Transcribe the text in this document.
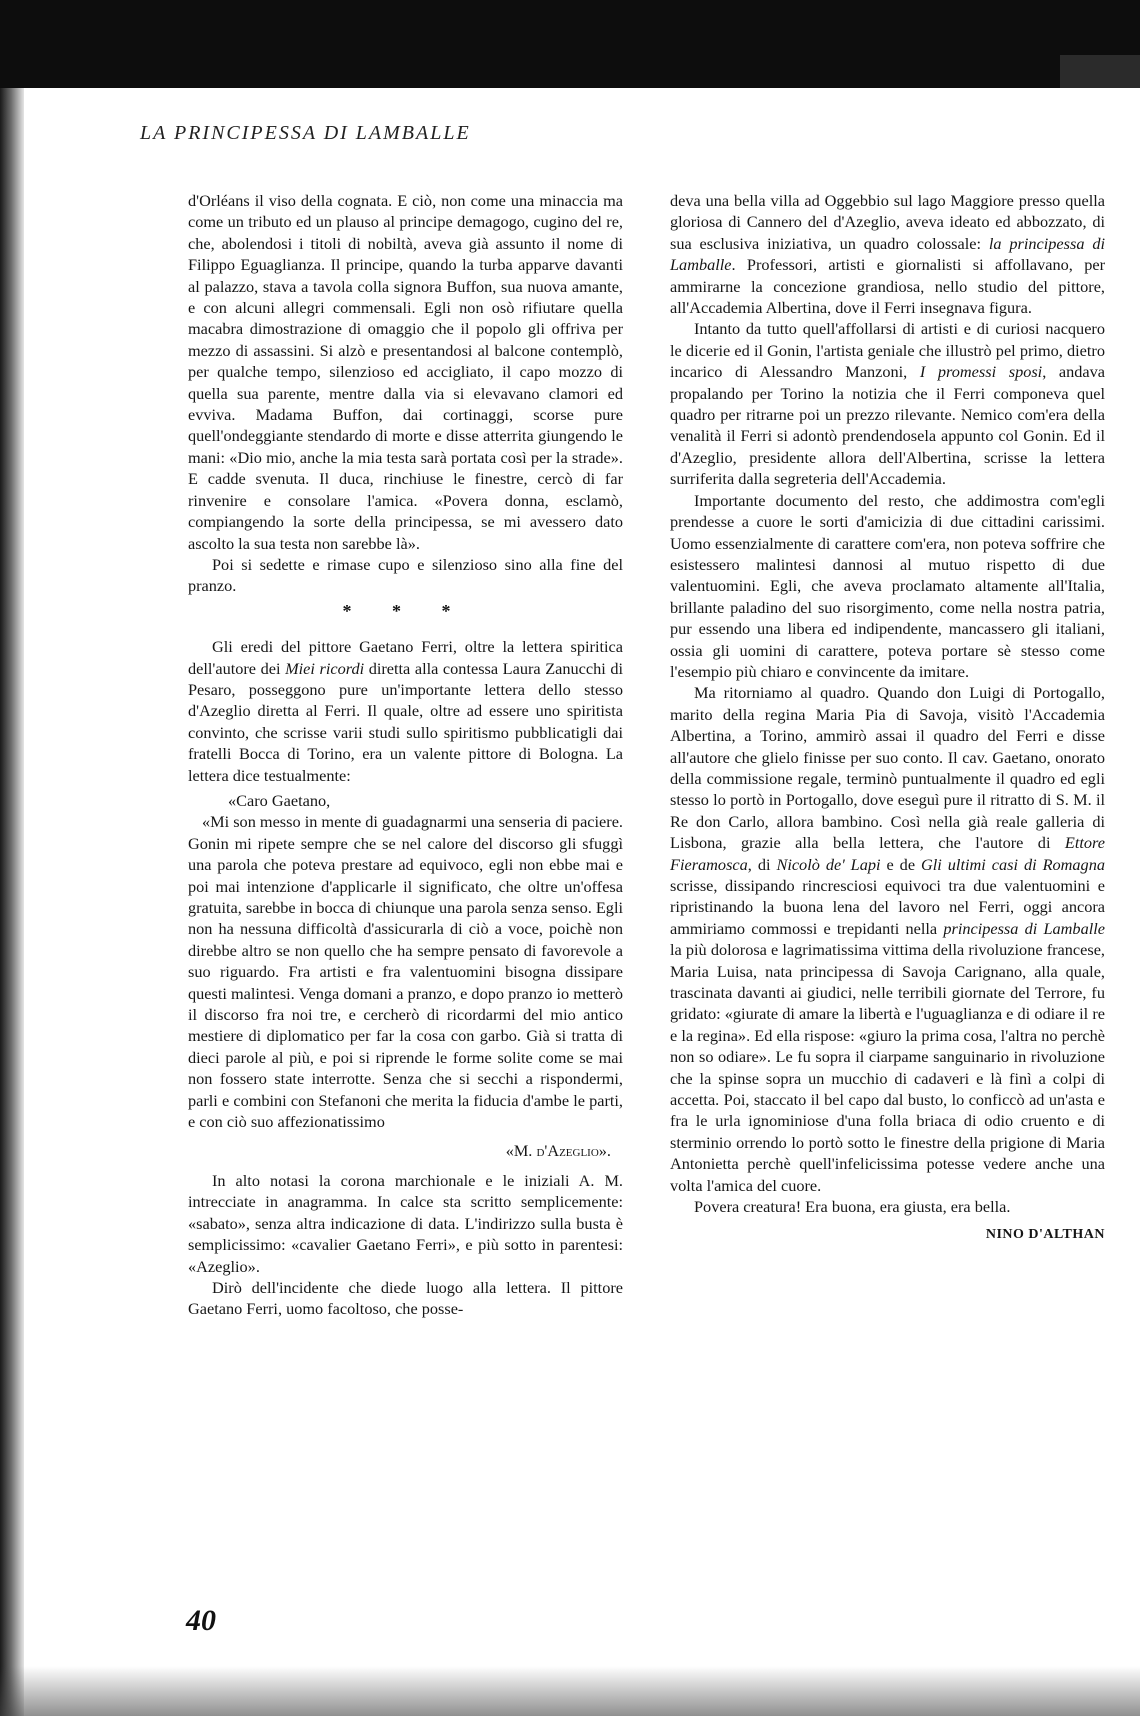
LA PRINCIPESSA DI LAMBALLE

d'Orléans il viso della cognata. E ciò, non come una minaccia ma come un tributo ed un plauso al principe demagogo, cugino del re, che, abolendosi i titoli di nobiltà, aveva già assunto il nome di Filippo Eguaglianza. Il principe, quando la turba apparve davanti al palazzo, stava a tavola colla signora Buffon, sua nuova amante, e con alcuni allegri commensali. Egli non osò rifiutare quella macabra dimostrazione di omaggio che il popolo gli offriva per mezzo di assassini. Si alzò e presentandosi al balcone contemplò, per qualche tempo, silenzioso ed accigliato, il capo mozzo di quella sua parente, mentre dalla via si elevavano clamori ed evviva. Madama Buffon, dai cortinaggi, scorse pure quell'ondeggiante stendardo di morte e disse atterrita giungendo le mani: «Dio mio, anche la mia testa sarà portata così per la strade». E cadde svenuta. Il duca, rinchiuse le finestre, cercò di far rinvenire e consolare l'amica. «Povera donna, esclamò, compiangendo la sorte della principessa, se mi avessero dato ascolto la sua testa non sarebbe là».

Poi si sedette e rimase cupo e silenzioso sino alla fine del pranzo.

* * *

Gli eredi del pittore Gaetano Ferri, oltre la lettera spiritica dell'autore dei Miei ricordi diretta alla contessa Laura Zanucchi di Pesaro, posseggono pure un'importante lettera dello stesso d'Azeglio diretta al Ferri. Il quale, oltre ad essere uno spiritista convinto, che scrisse varii studi sullo spiritismo pubblicatigli dai fratelli Bocca di Torino, era un valente pittore di Bologna. La lettera dice testualmente:

«Caro Gaetano,

«Mi son messo in mente di guadagnarmi una senseria di paciere. Gonin mi ripete sempre che se nel calore del discorso gli sfuggì una parola che poteva prestare ad equivoco, egli non ebbe mai e poi mai intenzione d'applicarle il significato, che oltre un'offesa gratuita, sarebbe in bocca di chiunque una parola senza senso. Egli non ha nessuna difficoltà d'assicurarla di ciò a voce, poichè non direbbe altro se non quello che ha sempre pensato di favorevole a suo riguardo. Fra artisti e fra valentuomini bisogna dissipare questi malintesi. Venga domani a pranzo, e dopo pranzo io metterò il discorso fra noi tre, e cercherò di ricordarmi del mio antico mestiere di diplomatico per far la cosa con garbo. Già si tratta di dieci parole al più, e poi si riprende le forme solite come se mai non fossero state interrotte. Senza che si secchi a rispondermi, parli e combini con Stefanoni che merita la fiducia d'ambe le parti, e con ciò suo affezionatissimo

«M. d'Azeglio».

In alto notasi la corona marchionale e le iniziali A. M. intrecciate in anagramma. In calce sta scritto semplicemente: «sabato», senza altra indicazione di data. L'indirizzo sulla busta è semplicissimo: «cavalier Gaetano Ferri», e più sotto in parentesi: «Azeglio».

Dirò dell'incidente che diede luogo alla lettera. Il pittore Gaetano Ferri, uomo facoltoso, che posse-

deva una bella villa ad Oggebbio sul lago Maggiore presso quella gloriosa di Cannero del d'Azeglio, aveva ideato ed abbozzato, di sua esclusiva iniziativa, un quadro colossale: la principessa di Lamballe. Professori, artisti e giornalisti si affollavano, per ammirarne la concezione grandiosa, nello studio del pittore, all'Accademia Albertina, dove il Ferri insegnava figura.

Intanto da tutto quell'affollarsi di artisti e di curiosi nacquero le dicerie ed il Gonin, l'artista geniale che illustrò pel primo, dietro incarico di Alessandro Manzoni, I promessi sposi, andava propalando per Torino la notizia che il Ferri componeva quel quadro per ritrarne poi un prezzo rilevante. Nemico com'era della venalità il Ferri si adontò prendendosela appunto col Gonin. Ed il d'Azeglio, presidente allora dell'Albertina, scrisse la lettera surriferita dalla segreteria dell'Accademia.

Importante documento del resto, che addimostra com'egli prendesse a cuore le sorti d'amicizia di due cittadini carissimi. Uomo essenzialmente di carattere com'era, non poteva soffrire che esistessero malintesi dannosi al mutuo rispetto di due valentuomini. Egli, che aveva proclamato altamente all'Italia, brillante paladino del suo risorgimento, come nella nostra patria, pur essendo una libera ed indipendente, mancassero gli italiani, ossia gli uomini di carattere, poteva portare sè stesso come l'esempio più chiaro e convincente da imitare.

Ma ritorniamo al quadro. Quando don Luigi di Portogallo, marito della regina Maria Pia di Savoja, visitò l'Accademia Albertina, a Torino, ammirò assai il quadro del Ferri e disse all'autore che glielo finisse per suo conto. Il cav. Gaetano, onorato della commissione regale, terminò puntualmente il quadro ed egli stesso lo portò in Portogallo, dove eseguì pure il ritratto di S. M. il Re don Carlo, allora bambino. Così nella già reale galleria di Lisbona, grazie alla bella lettera, che l'autore di Ettore Fieramosca, di Nicolò de' Lapi e de Gli ultimi casi di Romagna scrisse, dissipando rincresciosi equivoci tra due valentuomini e ripristinando la buona lena del lavoro nel Ferri, oggi ancora ammiriamo commossi e trepidanti nella principessa di Lamballe la più dolorosa e lagrimatissima vittima della rivoluzione francese, Maria Luisa, nata principessa di Savoja Carignano, alla quale, trascinata davanti ai giudici, nelle terribili giornate del Terrore, fu gridato: «giurate di amare la libertà e l'uguaglianza e di odiare il re e la regina». Ed ella rispose: «giuro la prima cosa, l'altra no perchè non so odiare». Le fu sopra il ciarpame sanguinario in rivoluzione che la spinse sopra un mucchio di cadaveri e là finì a colpi di accetta. Poi, staccato il bel capo dal busto, lo conficcò ad un'asta e fra le urla ignominiose d'una folla briaca di odio cruento e di sterminio orrendo lo portò sotto le finestre della prigione di Maria Antonietta perchè quell'infelicissima potesse vedere anche una volta l'amica del cuore.

Povera creatura! Era buona, era giusta, era bella.

NINO D'ALTHAN

40
